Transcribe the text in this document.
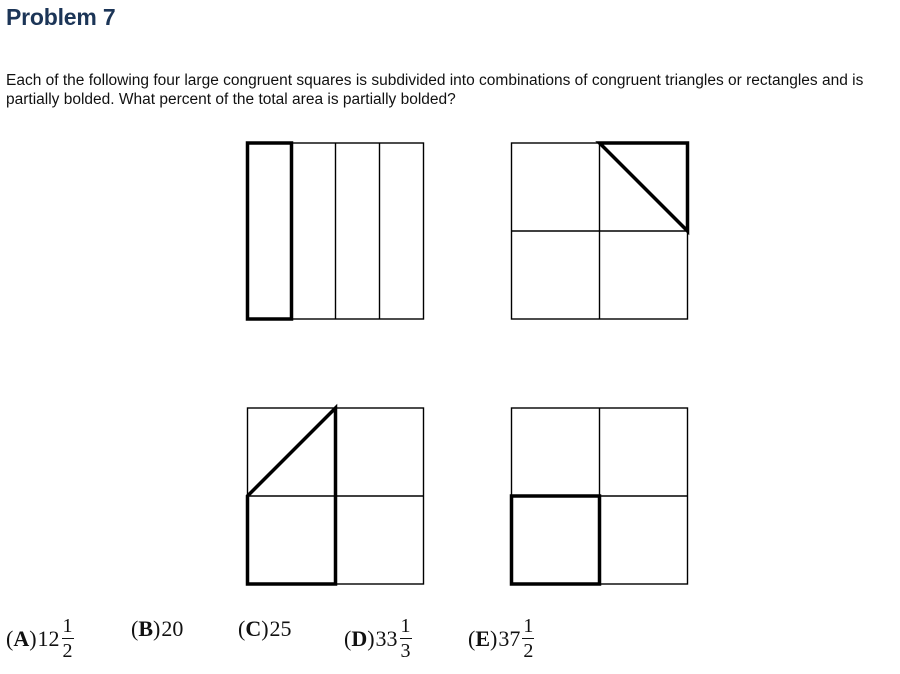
Problem 7

Each of the following four large congruent squares is subdivided into combinations of congruent triangles or rectangles and is partially bolded. What percent of the total area is partially bolded?

( A ) $12 \frac{1}{2}$	( B ) 20 ( C ) 25 ( D ) $33 \frac{1}{3}$	( E ) $37 \frac{1}{2}$
